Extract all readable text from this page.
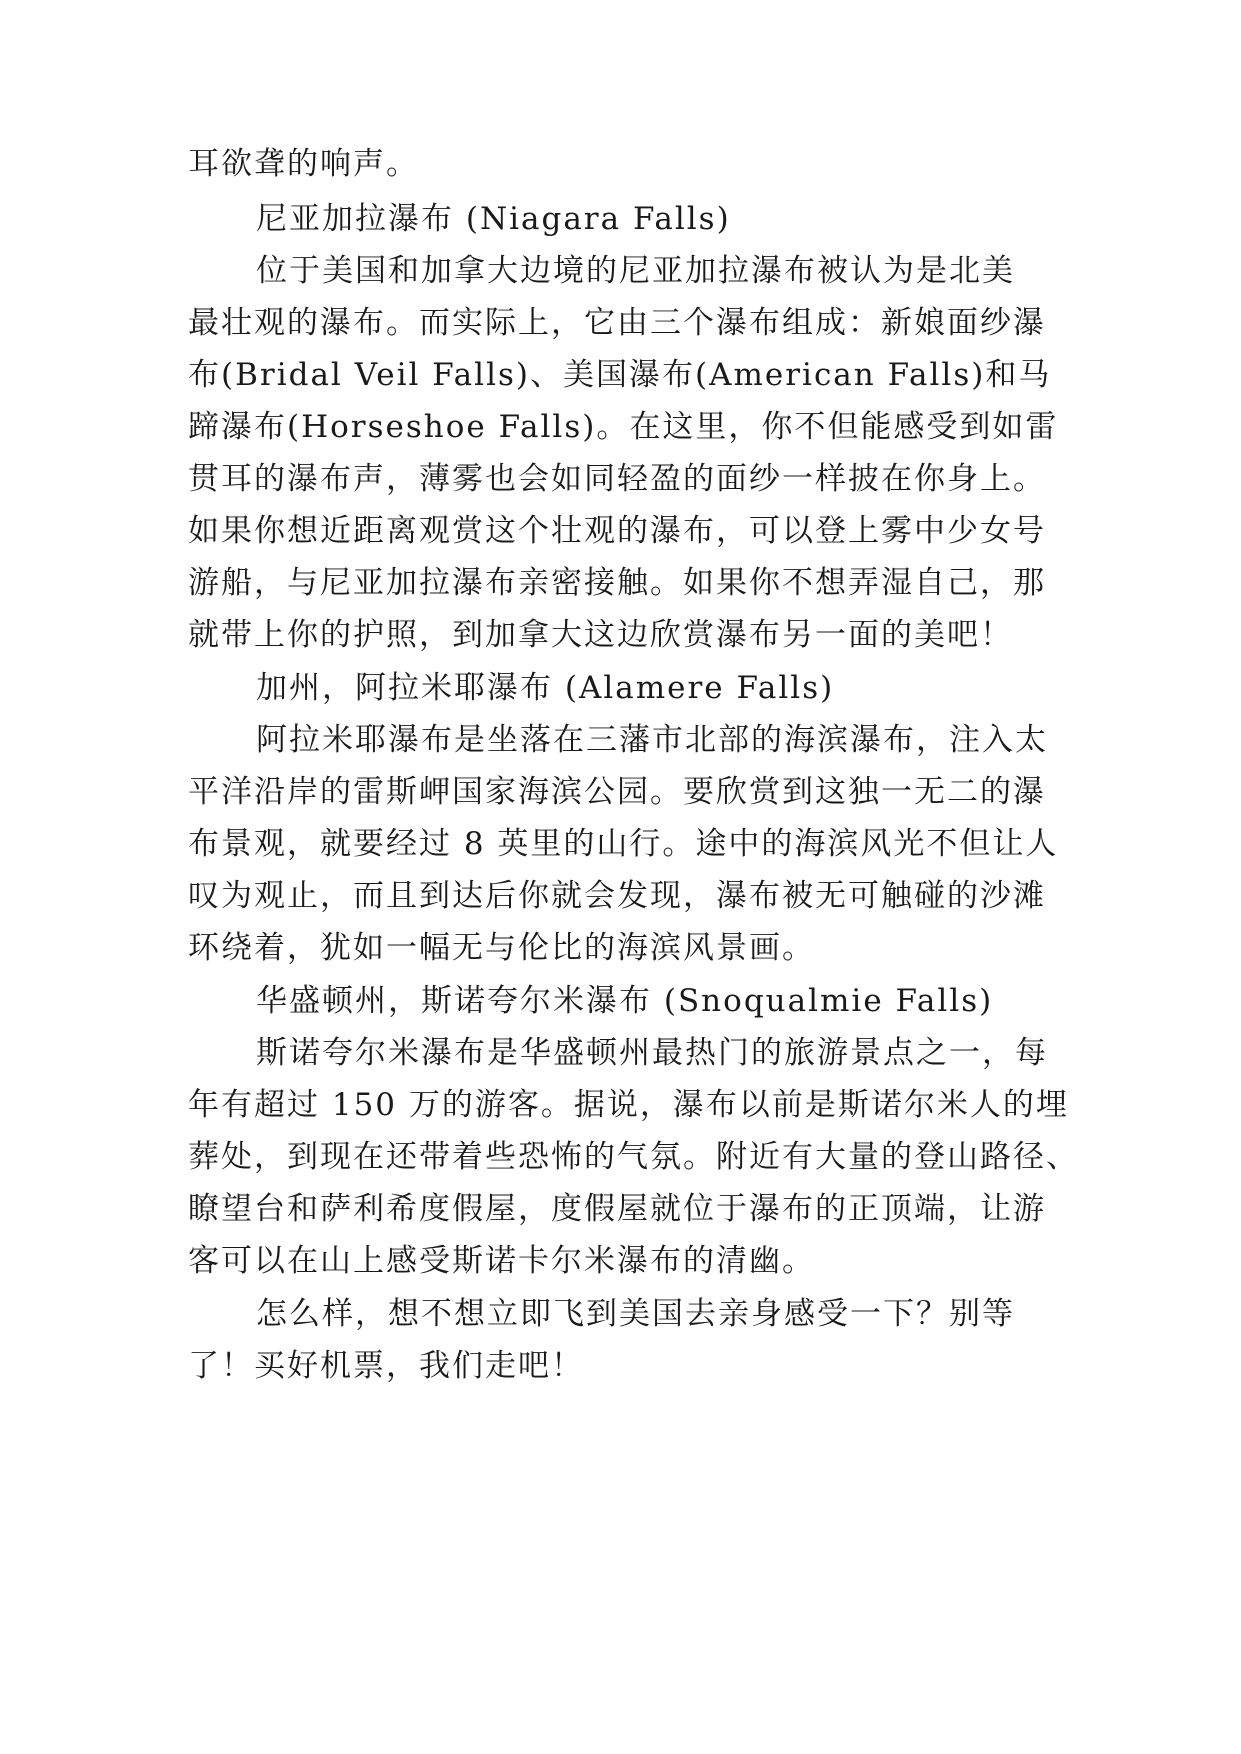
耳欲聋的响声。
尼亚加拉瀑布 (Niagara Falls)
位于美国和加拿大边境的尼亚加拉瀑布被认为是北美
最壮观的瀑布。而实际上，它由三个瀑布组成：新娘面纱瀑
布(Bridal Veil Falls)、美国瀑布(American Falls)和马
蹄瀑布(Horseshoe Falls)。在这里，你不但能感受到如雷
贯耳的瀑布声，薄雾也会如同轻盈的面纱一样披在你身上。
如果你想近距离观赏这个壮观的瀑布，可以登上雾中少女号
游船，与尼亚加拉瀑布亲密接触。如果你不想弄湿自己，那
就带上你的护照，到加拿大这边欣赏瀑布另一面的美吧！
加州，阿拉米耶瀑布 (Alamere Falls)
阿拉米耶瀑布是坐落在三藩市北部的海滨瀑布，注入太
平洋沿岸的雷斯岬国家海滨公园。要欣赏到这独一无二的瀑
布景观，就要经过 8 英里的山行。途中的海滨风光不但让人
叹为观止，而且到达后你就会发现，瀑布被无可触碰的沙滩
环绕着，犹如一幅无与伦比的海滨风景画。
华盛顿州，斯诺夸尔米瀑布 (Snoqualmie Falls)
斯诺夸尔米瀑布是华盛顿州最热门的旅游景点之一，每
年有超过 150 万的游客。据说，瀑布以前是斯诺尔米人的埋
葬处，到现在还带着些恐怖的气氛。附近有大量的登山路径、
瞭望台和萨利希度假屋，度假屋就位于瀑布的正顶端，让游
客可以在山上感受斯诺卡尔米瀑布的清幽。
怎么样，想不想立即飞到美国去亲身感受一下？别等
了！买好机票，我们走吧！
